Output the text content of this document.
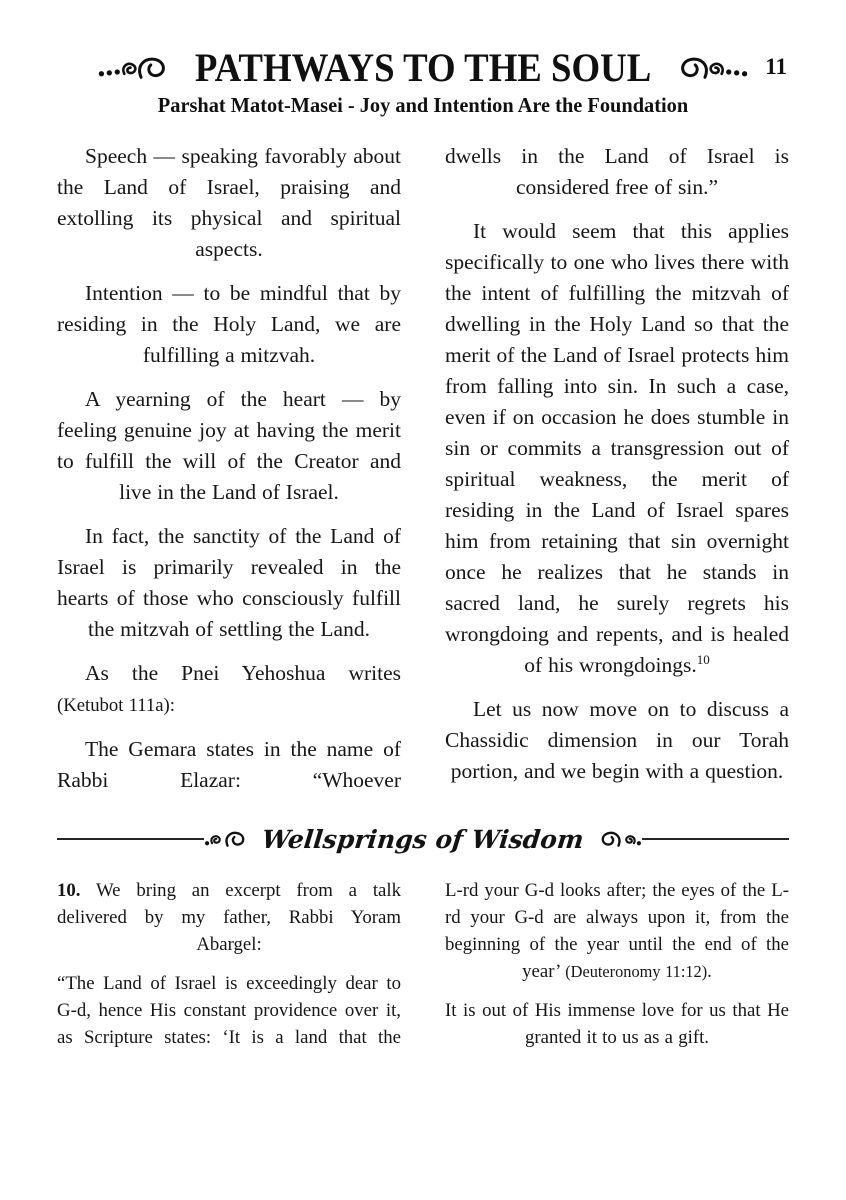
PATHWAYS TO THE SOUL	11
Parshat Matot-Masei - Joy and Intention Are the Foundation

Speech — speaking favorably about the Land of Israel, praising and extolling its physical and spiritual aspects.

Intention — to be mindful that by residing in the Holy Land, we are fulfilling a mitzvah.

A yearning of the heart — by feeling genuine joy at having the merit to fulfill the will of the Creator and live in the Land of Israel.

In fact, the sanctity of the Land of Israel is primarily revealed in the hearts of those who consciously fulfill the mitzvah of settling the Land.

As the Pnei Yehoshua writes (Ketubot 111a):

The Gemara states in the name of Rabbi Elazar: “Whoever

dwells in the Land of Israel is considered free of sin.”

It would seem that this applies specifically to one who lives there with the intent of fulfilling the mitzvah of dwelling in the Holy Land so that the merit of the Land of Israel protects him from falling into sin. In such a case, even if on occasion he does stumble in sin or commits a transgression out of spiritual weakness, the merit of residing in the Land of Israel spares him from retaining that sin overnight once he realizes that he stands in sacred land, he surely regrets his wrongdoing and repents, and is healed of his wrongdoings.$^{10}$

Let us now move on to discuss a Chassidic dimension in our Torah portion, and we begin with a question.

Wellsprings of Wisdom

10. We bring an excerpt from a talk delivered by my father, Rabbi Yoram Abargel:

“The Land of Israel is exceedingly dear to G-d, hence His constant providence over it, as Scripture states: ‘It is a land that the

L-rd your G-d looks after; the eyes of the L-rd your G-d are always upon it, from the beginning of the year until the end of the year’ (Deuteronomy 11:12).

It is out of His immense love for us that He granted it to us as a gift.
